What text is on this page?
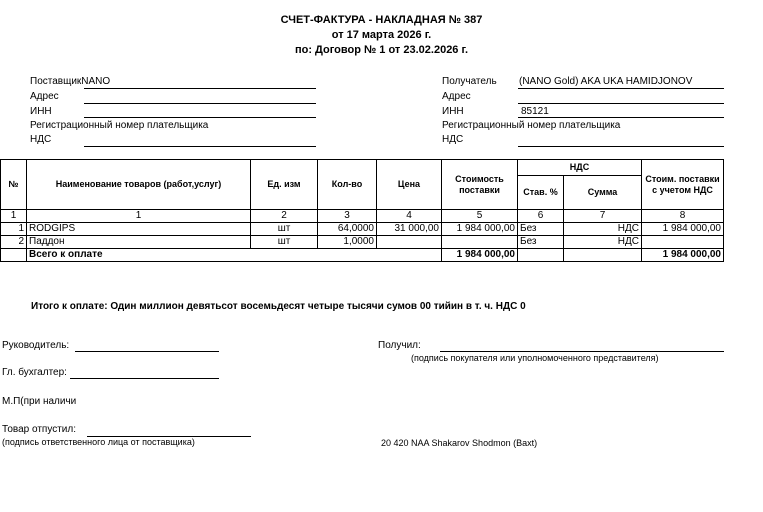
СЧЕТ-ФАКТУРА - НАКЛАДНАЯ № 387
от 17 марта 2026 г.
по: Договор № 1 от 23.02.2026 г.
ПоставщикNANO
Адрес
ИНН
Регистрационный номер плательщика
НДС
Получатель (NANO Gold) AKA UKA HAMIDJONOV
Адрес
ИНН	85121
Регистрационный номер плательщика
НДС
№	Наименование товаров (работ,услуг)	Ед. изм	Кол-во	Цена	Стоимость поставки	НДС		Стоим. поставки с учетом НДС
						Став. %	Сумма	
1	1	2	3	4	5	6	7	8
1	RODGIPS	шт	64,0000	31 000,00	1 984 000,00	Без	НДС	1 984 000,00
2	Паддон	шт	1,0000			Без	НДС	
	Всего к оплате				1 984 000,00			1 984 000,00
Итого к оплате: Один миллион девятьсот восемьдесят четыре тысячи сумов 00 тийин в т. ч. НДС 0
Руководитель:
Гл. бухгалтер:
М.П(при наличи
Товар отпустил:
(подпись ответственного лица от поставщика)
Получил:
(подпись покупателя или уполномоченного представителя)
20 420 NAA Shakarov Shodmon (Baxt)
